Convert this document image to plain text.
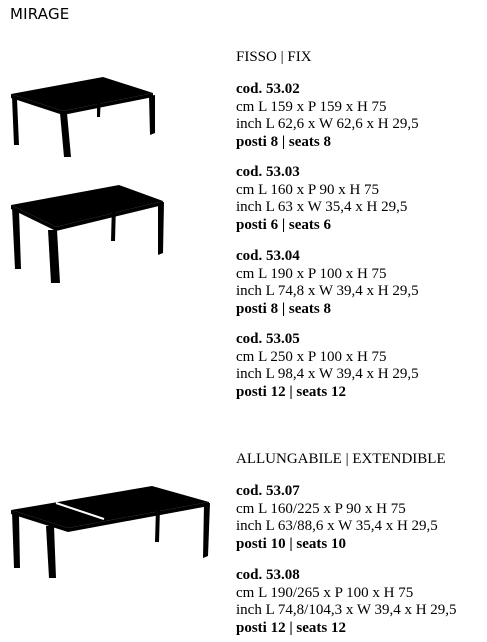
MIRAGE
FISSO | FIX
cod. 53.02
cm L 159 x P 159 x H 75
inch L 62,6 x W 62,6 x H 29,5
posti 8 | seats 8
cod. 53.03
cm L 160 x P 90 x H 75
inch L 63 x W 35,4 x H 29,5
posti 6 | seats 6
cod. 53.04
cm L 190 x P 100 x H 75
inch L 74,8 x W 39,4 x H 29,5
posti 8 | seats 8
cod. 53.05
cm L 250 x P 100 x H 75
inch L 98,4 x W 39,4 x H 29,5
posti 12 | seats 12
ALLUNGABILE | EXTENDIBLE
cod. 53.07
cm L 160/225 x P 90 x H 75
inch L 63/88,6 x W 35,4 x H 29,5
posti 10 | seats 10
cod. 53.08
cm L 190/265 x P 100 x H 75
inch L 74,8/104,3 x W 39,4 x H 29,5
posti 12 | seats 12
